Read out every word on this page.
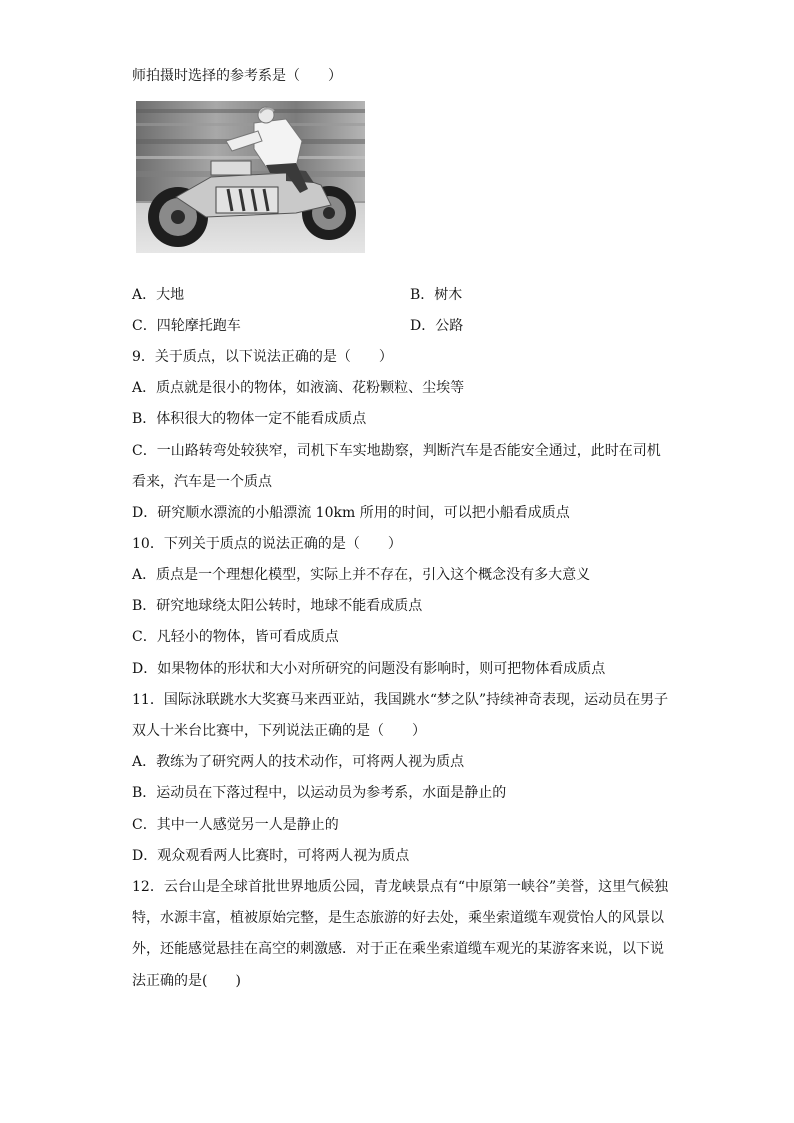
师拍摄时选择的参考系是（　　）
A．大地	B．树木
C．四轮摩托跑车	D．公路
9．关于质点，以下说法正确的是（　　）
A．质点就是很小的物体，如液滴、花粉颗粒、尘埃等
B．体积很大的物体一定不能看成质点
C．一山路转弯处较狭窄，司机下车实地勘察，判断汽车是否能安全通过，此时在司机
看来，汽车是一个质点
D．研究顺水漂流的小船漂流 10km 所用的时间，可以把小船看成质点
10．下列关于质点的说法正确的是（　　）
A．质点是一个理想化模型，实际上并不存在，引入这个概念没有多大意义
B．研究地球绕太阳公转时，地球不能看成质点
C．凡轻小的物体，皆可看成质点
D．如果物体的形状和大小对所研究的问题没有影响时，则可把物体看成质点
11．国际泳联跳水大奖赛马来西亚站，我国跳水“梦之队”持续神奇表现，运动员在男子
双人十米台比赛中，下列说法正确的是（　　）
A．教练为了研究两人的技术动作，可将两人视为质点
B．运动员在下落过程中，以运动员为参考系，水面是静止的
C．其中一人感觉另一人是静止的
D．观众观看两人比赛时，可将两人视为质点
12．云台山是全球首批世界地质公园，青龙峡景点有“中原第一峡谷”美誉，这里气候独
特，水源丰富，植被原始完整，是生态旅游的好去处，乘坐索道缆车观赏怡人的风景以
外，还能感觉悬挂在高空的刺激感．对于正在乘坐索道缆车观光的某游客来说，以下说
法正确的是(　　)
